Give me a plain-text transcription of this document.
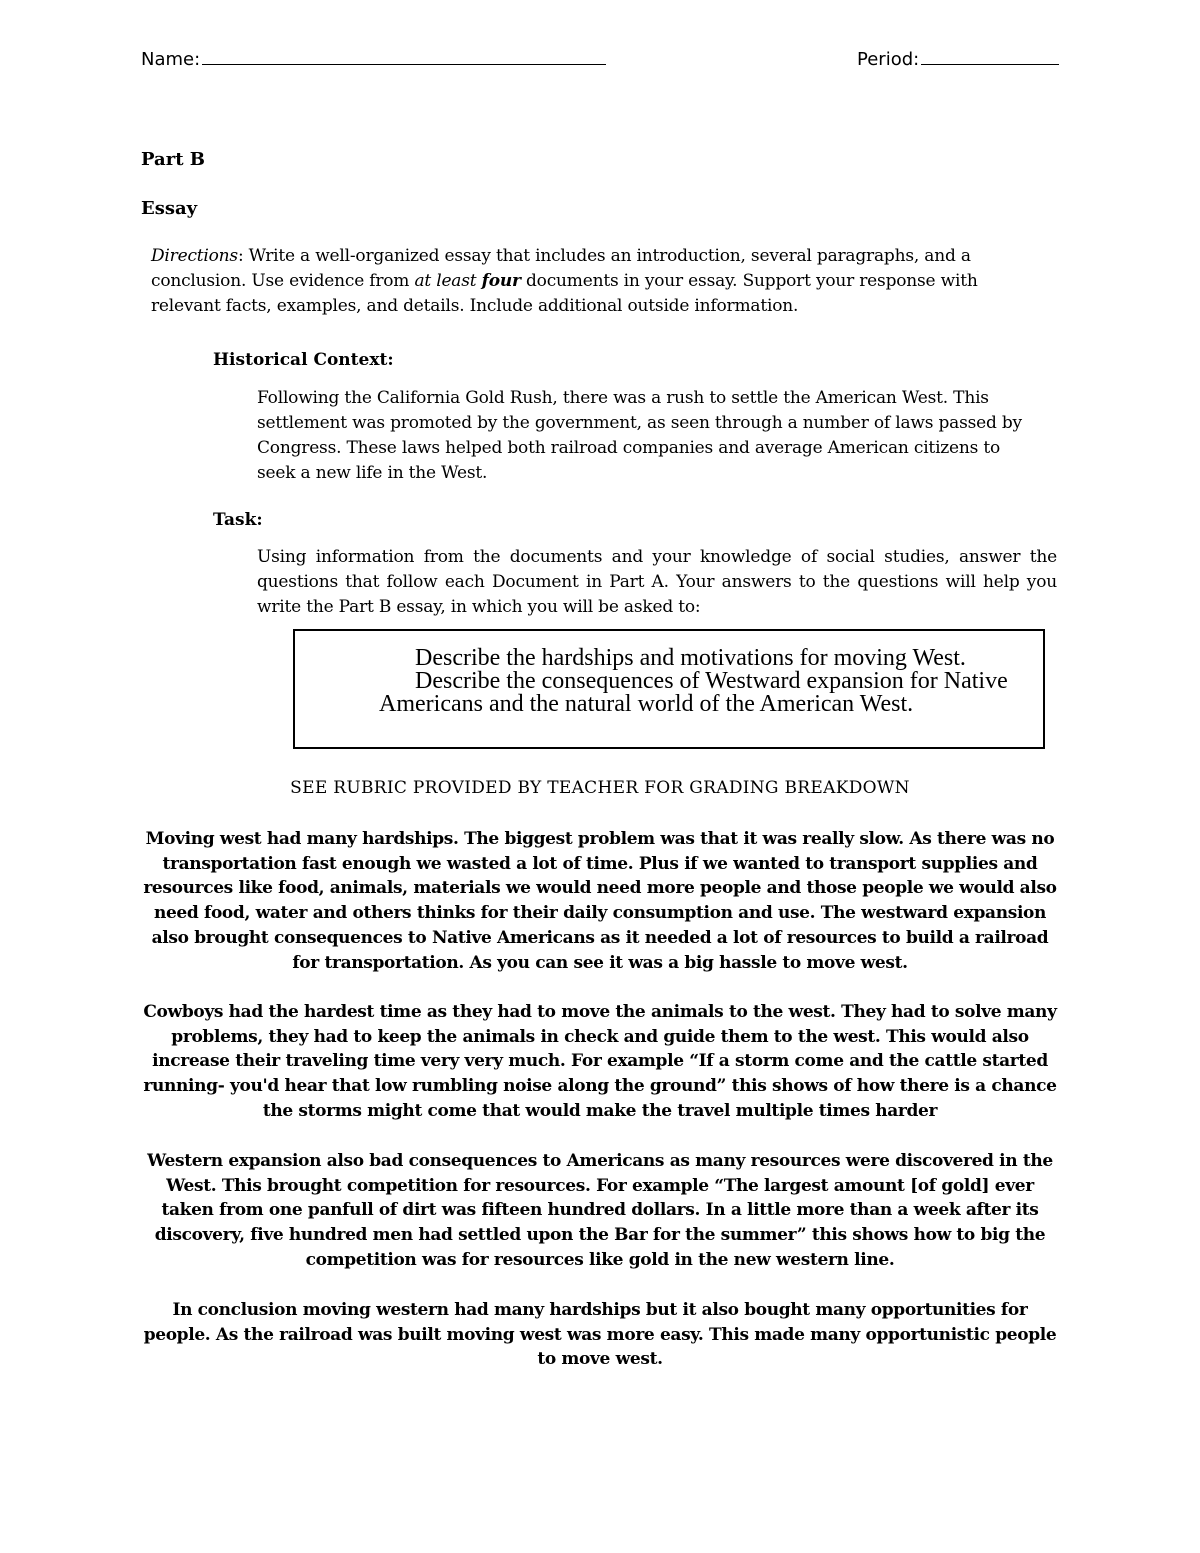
Name:	Period:
Part B
Essay
Directions: Write a well-organized essay that includes an introduction, several paragraphs, and a conclusion. Use evidence from at least four documents in your essay. Support your response with relevant facts, examples, and details. Include additional outside information.
Historical Context:
Following the California Gold Rush, there was a rush to settle the American West. This settlement was promoted by the government, as seen through a number of laws passed by Congress. These laws helped both railroad companies and average American citizens to seek a new life in the West.
Task:
Using information from the documents and your knowledge of social studies, answer the questions that follow each Document in Part A. Your answers to the questions will help you write the Part B essay, in which you will be asked to:
Describe the hardships and motivations for moving West.
Describe the consequences of Westward expansion for Native Americans and the natural world of the American West.
SEE RUBRIC PROVIDED BY TEACHER FOR GRADING BREAKDOWN
Moving west had many hardships. The biggest problem was that it was really slow. As there was no transportation fast enough we wasted a lot of time. Plus if we wanted to transport supplies and resources like food, animals, materials we would need more people and those people we would also need food, water and others thinks for their daily consumption and use. The westward expansion also brought consequences to Native Americans as it needed a lot of resources to build a railroad for transportation. As you can see it was a big hassle to move west.
Cowboys had the hardest time as they had to move the animals to the west. They had to solve many problems, they had to keep the animals in check and guide them to the west. This would also increase their traveling time very very much. For example “If a storm come and the cattle started running- you'd hear that low rumbling noise along the ground” this shows of how there is a chance the storms might come that would make the travel multiple times harder
Western expansion also bad consequences to Americans as many resources were discovered in the West. This brought competition for resources. For example “The largest amount [of gold] ever taken from one panfull of dirt was fifteen hundred dollars. In a little more than a week after its discovery, five hundred men had settled upon the Bar for the summer” this shows how to big the competition was for resources like gold in the new western line.
In conclusion moving western had many hardships but it also bought many opportunities for people. As the railroad was built moving west was more easy. This made many opportunistic people to move west.
